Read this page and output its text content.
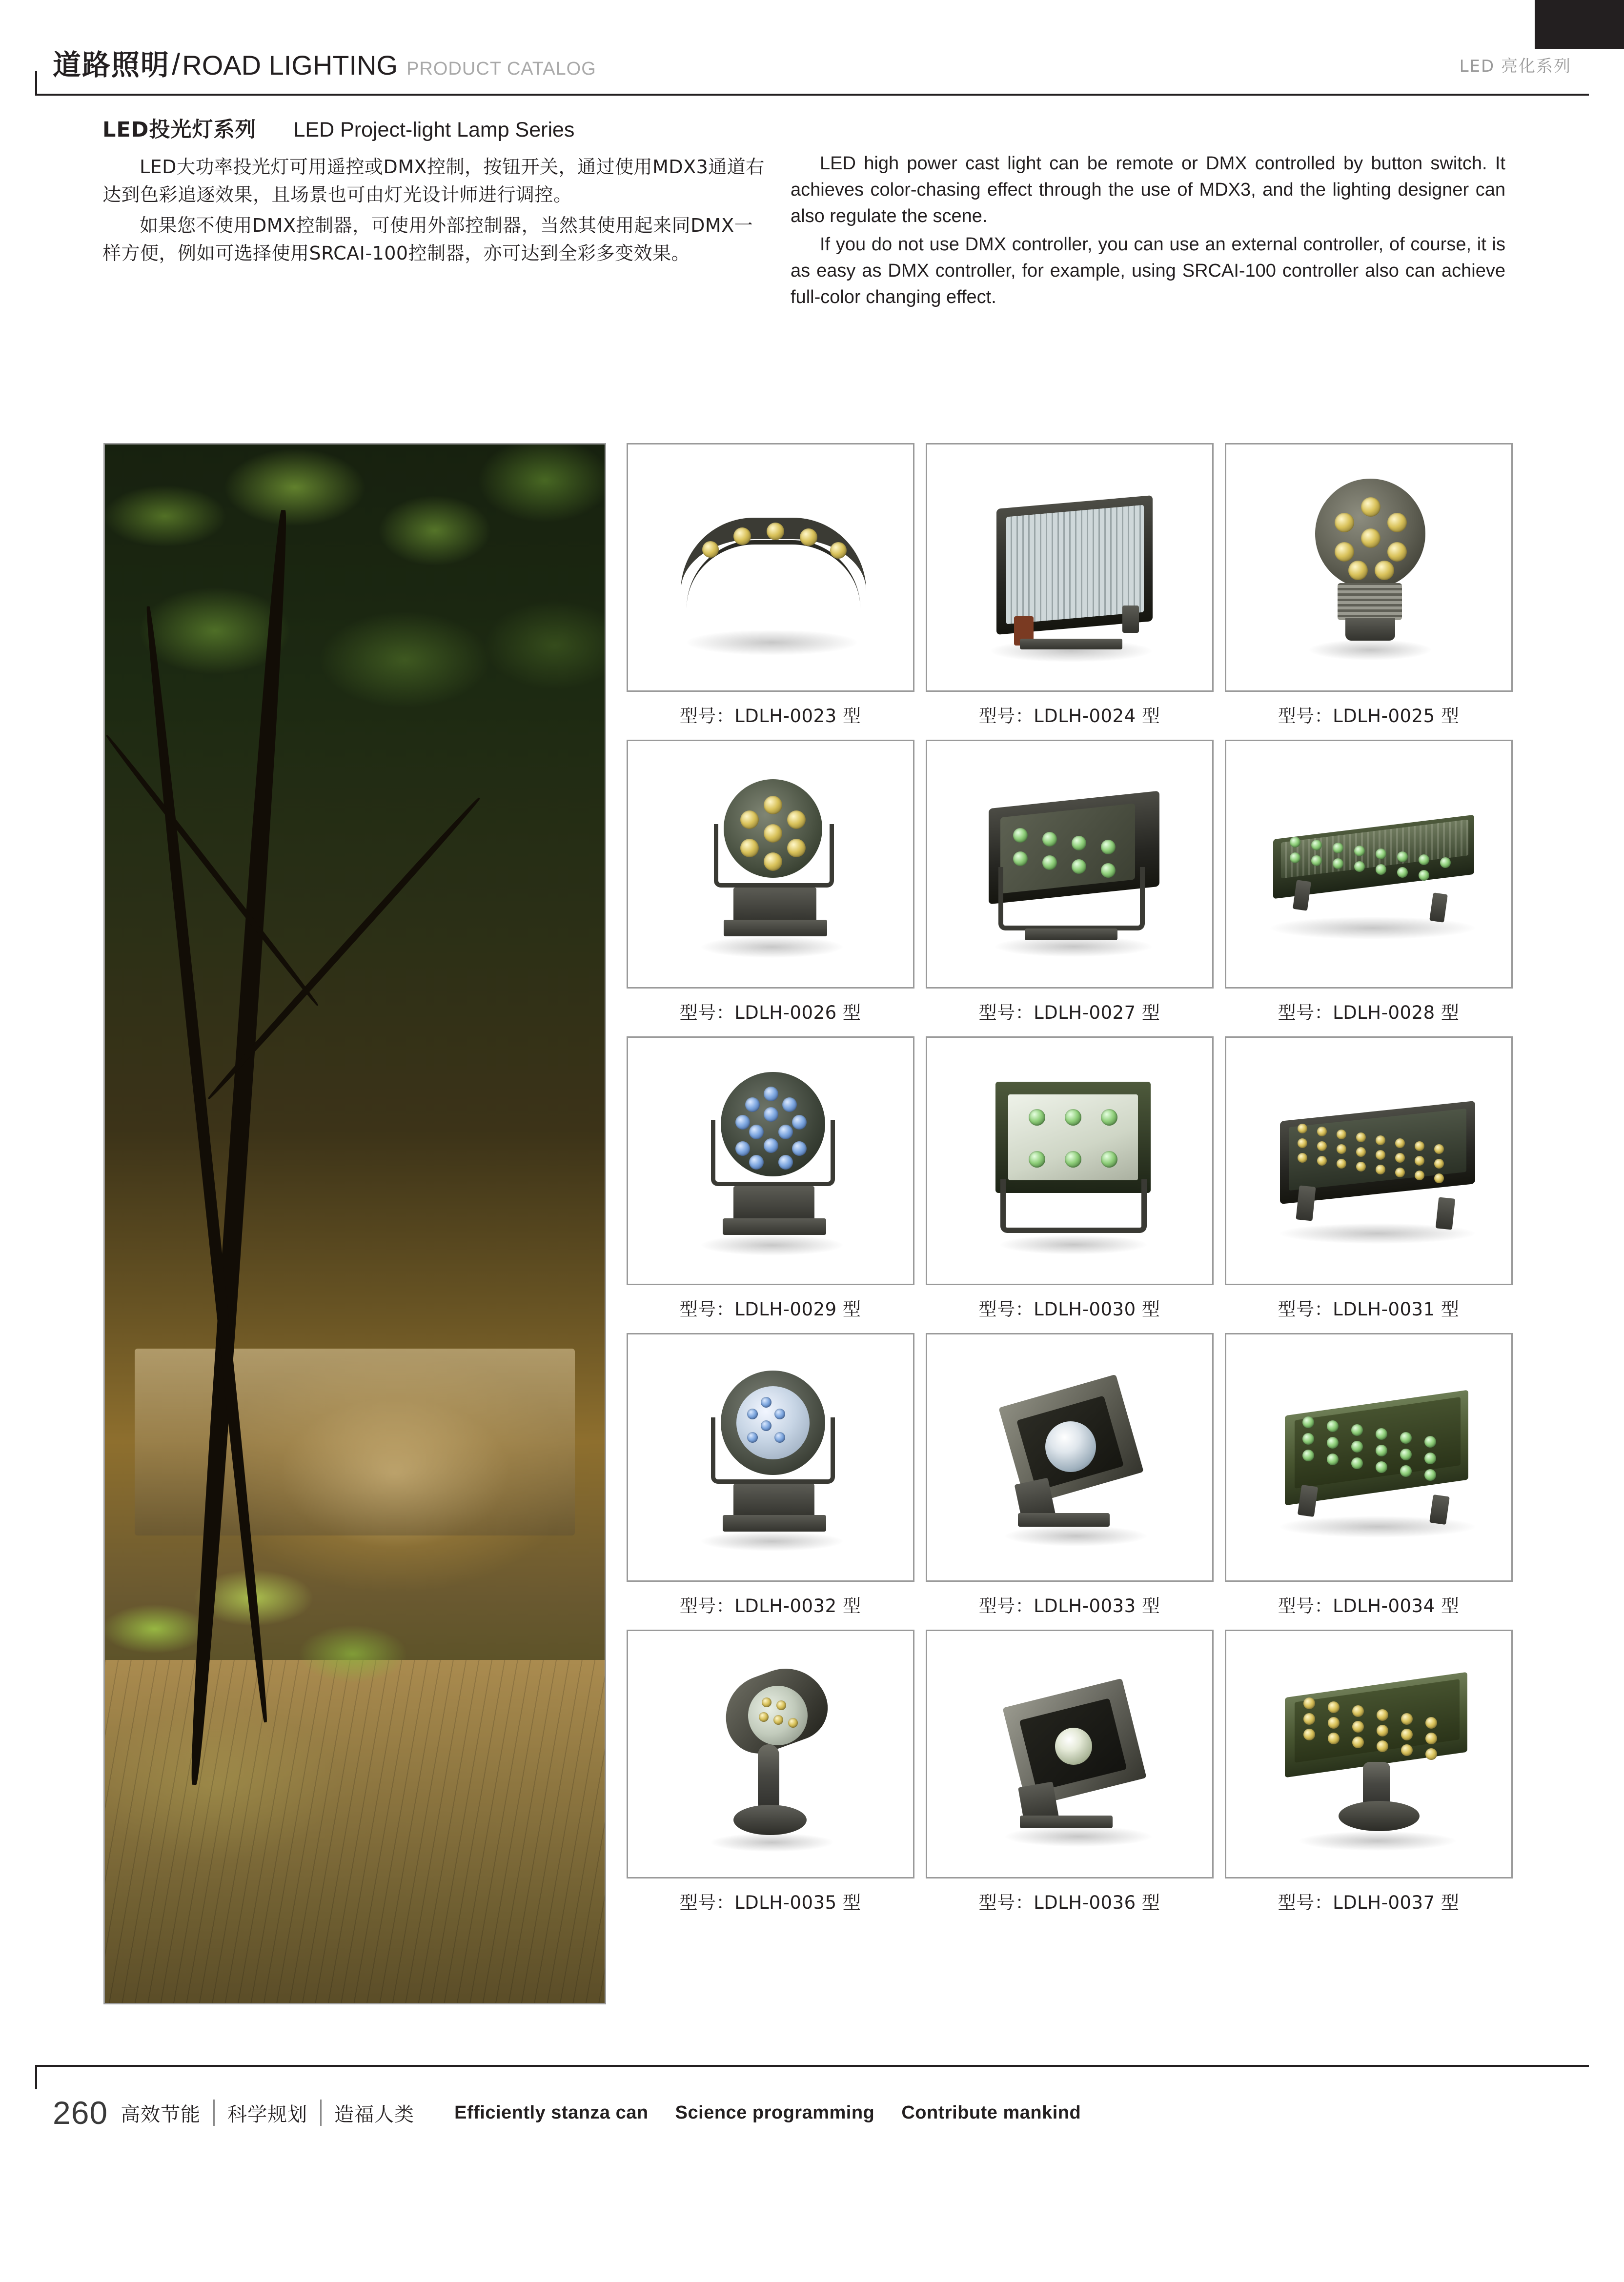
道路照明 / ROAD LIGHTING PRODUCT CATALOG	LED 亮化系列
LED投光灯系列 LED Project-light Lamp Series

LED大功率投光灯可用遥控或DMX控制，按钮开关，通过使用MDX3通道右达到色彩追逐效果，且场景也可由灯光设计师进行调控。

如果您不使用DMX控制器，可使用外部控制器，当然其使用起来同DMX一样方便，例如可选择使用SRCAI-100控制器，亦可达到全彩多变效果。

LED high power cast light can be remote or DMX controlled by button switch. It achieves color-chasing effect through the use of MDX3, and the lighting designer can also regulate the scene.

If you do not use DMX controller, you can use an external controller, of course, it is as easy as DMX controller, for example, using SRCAI-100 controller also can achieve full-color changing effect.

型号：LDLH-0023 型	型号：LDLH-0024 型	型号：LDLH-0025 型
型号：LDLH-0026 型	型号：LDLH-0027 型	型号：LDLH-0028 型
型号：LDLH-0029 型	型号：LDLH-0030 型	型号：LDLH-0031 型
型号：LDLH-0032 型	型号：LDLH-0033 型	型号：LDLH-0034 型
型号：LDLH-0035 型	型号：LDLH-0036 型	型号：LDLH-0037 型
260 高效节能	科学规划	造福人类	Efficiently stanza can Science programming Contribute mankind
